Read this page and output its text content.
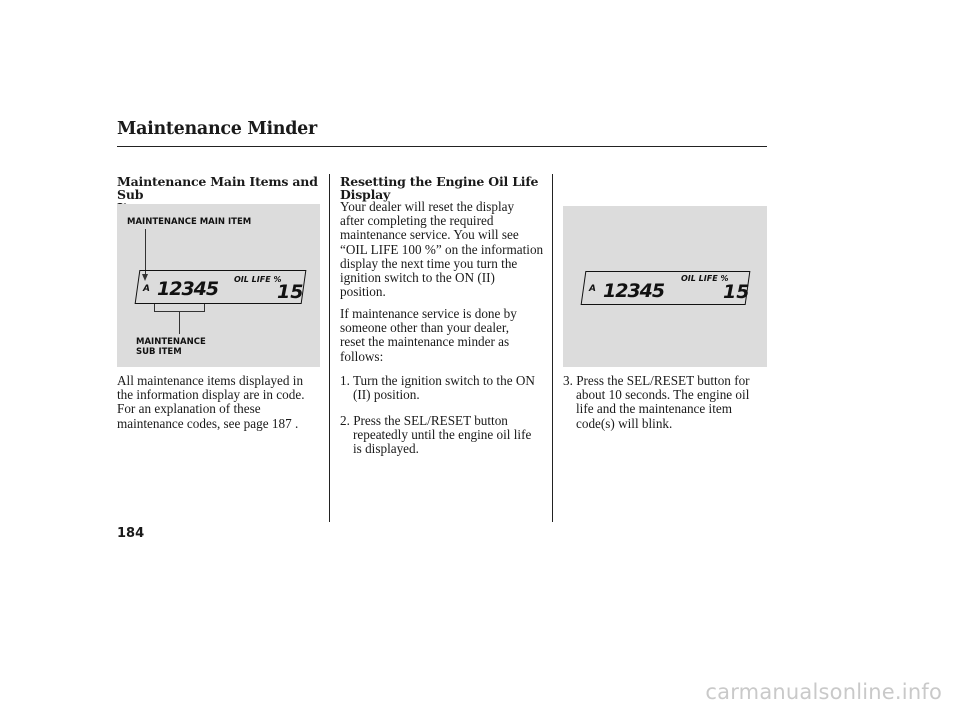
Maintenance Minder
Maintenance Main Items and Sub
MAINTENANCE MAIN ITEM
A 12345 OIL LIFE %
15
MAINTENANCE
SUB ITEM
All maintenance items displayed in
the information display are in code.
For an explanation of these
maintenance codes, see page 187 .
Resetting the Engine Oil Life
Display
Your dealer will reset the display
after completing the required
maintenance service. You will see
“OIL LIFE 100 %” on the information
display the next time you turn the
ignition switch to the ON (II)
position.
If maintenance service is done by
someone other than your dealer,
reset the maintenance minder as
follows:
1. Turn the ignition switch to the ON
(II) position.
2. Press the SEL/RESET button
repeatedly until the engine oil life
is displayed.
A 12345
OIL LIFE %
15
3. Press the SEL/RESET button for
about 10 seconds. The engine oil
life and the maintenance item
code(s) will blink.
184
carmanualsonline.info
